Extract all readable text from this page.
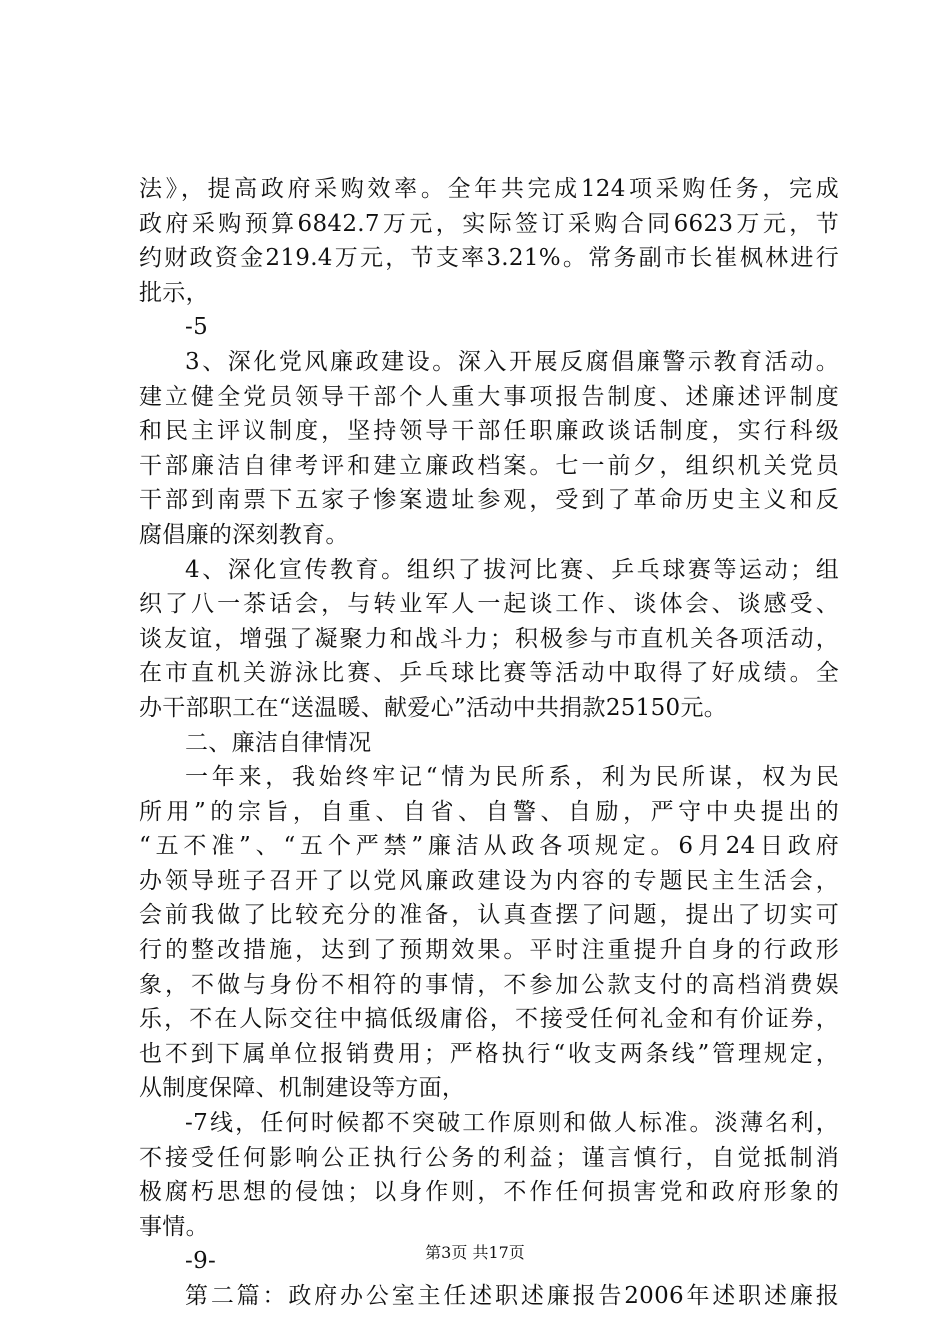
法》，提高政府采购效率。全年共完成124项采购任务，完成
政府采购预算6842.7万元，实际签订采购合同6623万元，节
约财政资金219.4万元，节支率3.21%。常务副市长崔枫林进行
批示，
-5
3、深化党风廉政建设。深入开展反腐倡廉警示教育活动。
建立健全党员领导干部个人重大事项报告制度、述廉述评制度
和民主评议制度，坚持领导干部任职廉政谈话制度，实行科级
干部廉洁自律考评和建立廉政档案。七一前夕，组织机关党员
干部到南票下五家子惨案遗址参观，受到了革命历史主义和反
腐倡廉的深刻教育。
4、深化宣传教育。组织了拔河比赛、乒乓球赛等运动；组
织了八一茶话会，与转业军人一起谈工作、谈体会、谈感受、
谈友谊，增强了凝聚力和战斗力；积极参与市直机关各项活动，
在市直机关游泳比赛、乒乓球比赛等活动中取得了好成绩。全
办干部职工在“送温暖、献爱心”活动中共捐款25150元。
二、廉洁自律情况
一年来，我始终牢记“情为民所系，利为民所谋，权为民
所用”的宗旨，自重、自省、自警、自励，严守中央提出的
“五不准”、“五个严禁”廉洁从政各项规定。6月24日政府
办领导班子召开了以党风廉政建设为内容的专题民主生活会，
会前我做了比较充分的准备，认真查摆了问题，提出了切实可
行的整改措施，达到了预期效果。平时注重提升自身的行政形
象，不做与身份不相符的事情，不参加公款支付的高档消费娱
乐，不在人际交往中搞低级庸俗，不接受任何礼金和有价证券，
也不到下属单位报销费用；严格执行“收支两条线”管理规定，
从制度保障、机制建设等方面，
-7线，任何时候都不突破工作原则和做人标准。淡薄名利，
不接受任何影响公正执行公务的利益；谨言慎行，自觉抵制消
极腐朽思想的侵蚀；以身作则，不作任何损害党和政府形象的
事情。
-9-
第二篇：政府办公室主任述职述廉报告2006年述职述廉报
第3页 共17页
